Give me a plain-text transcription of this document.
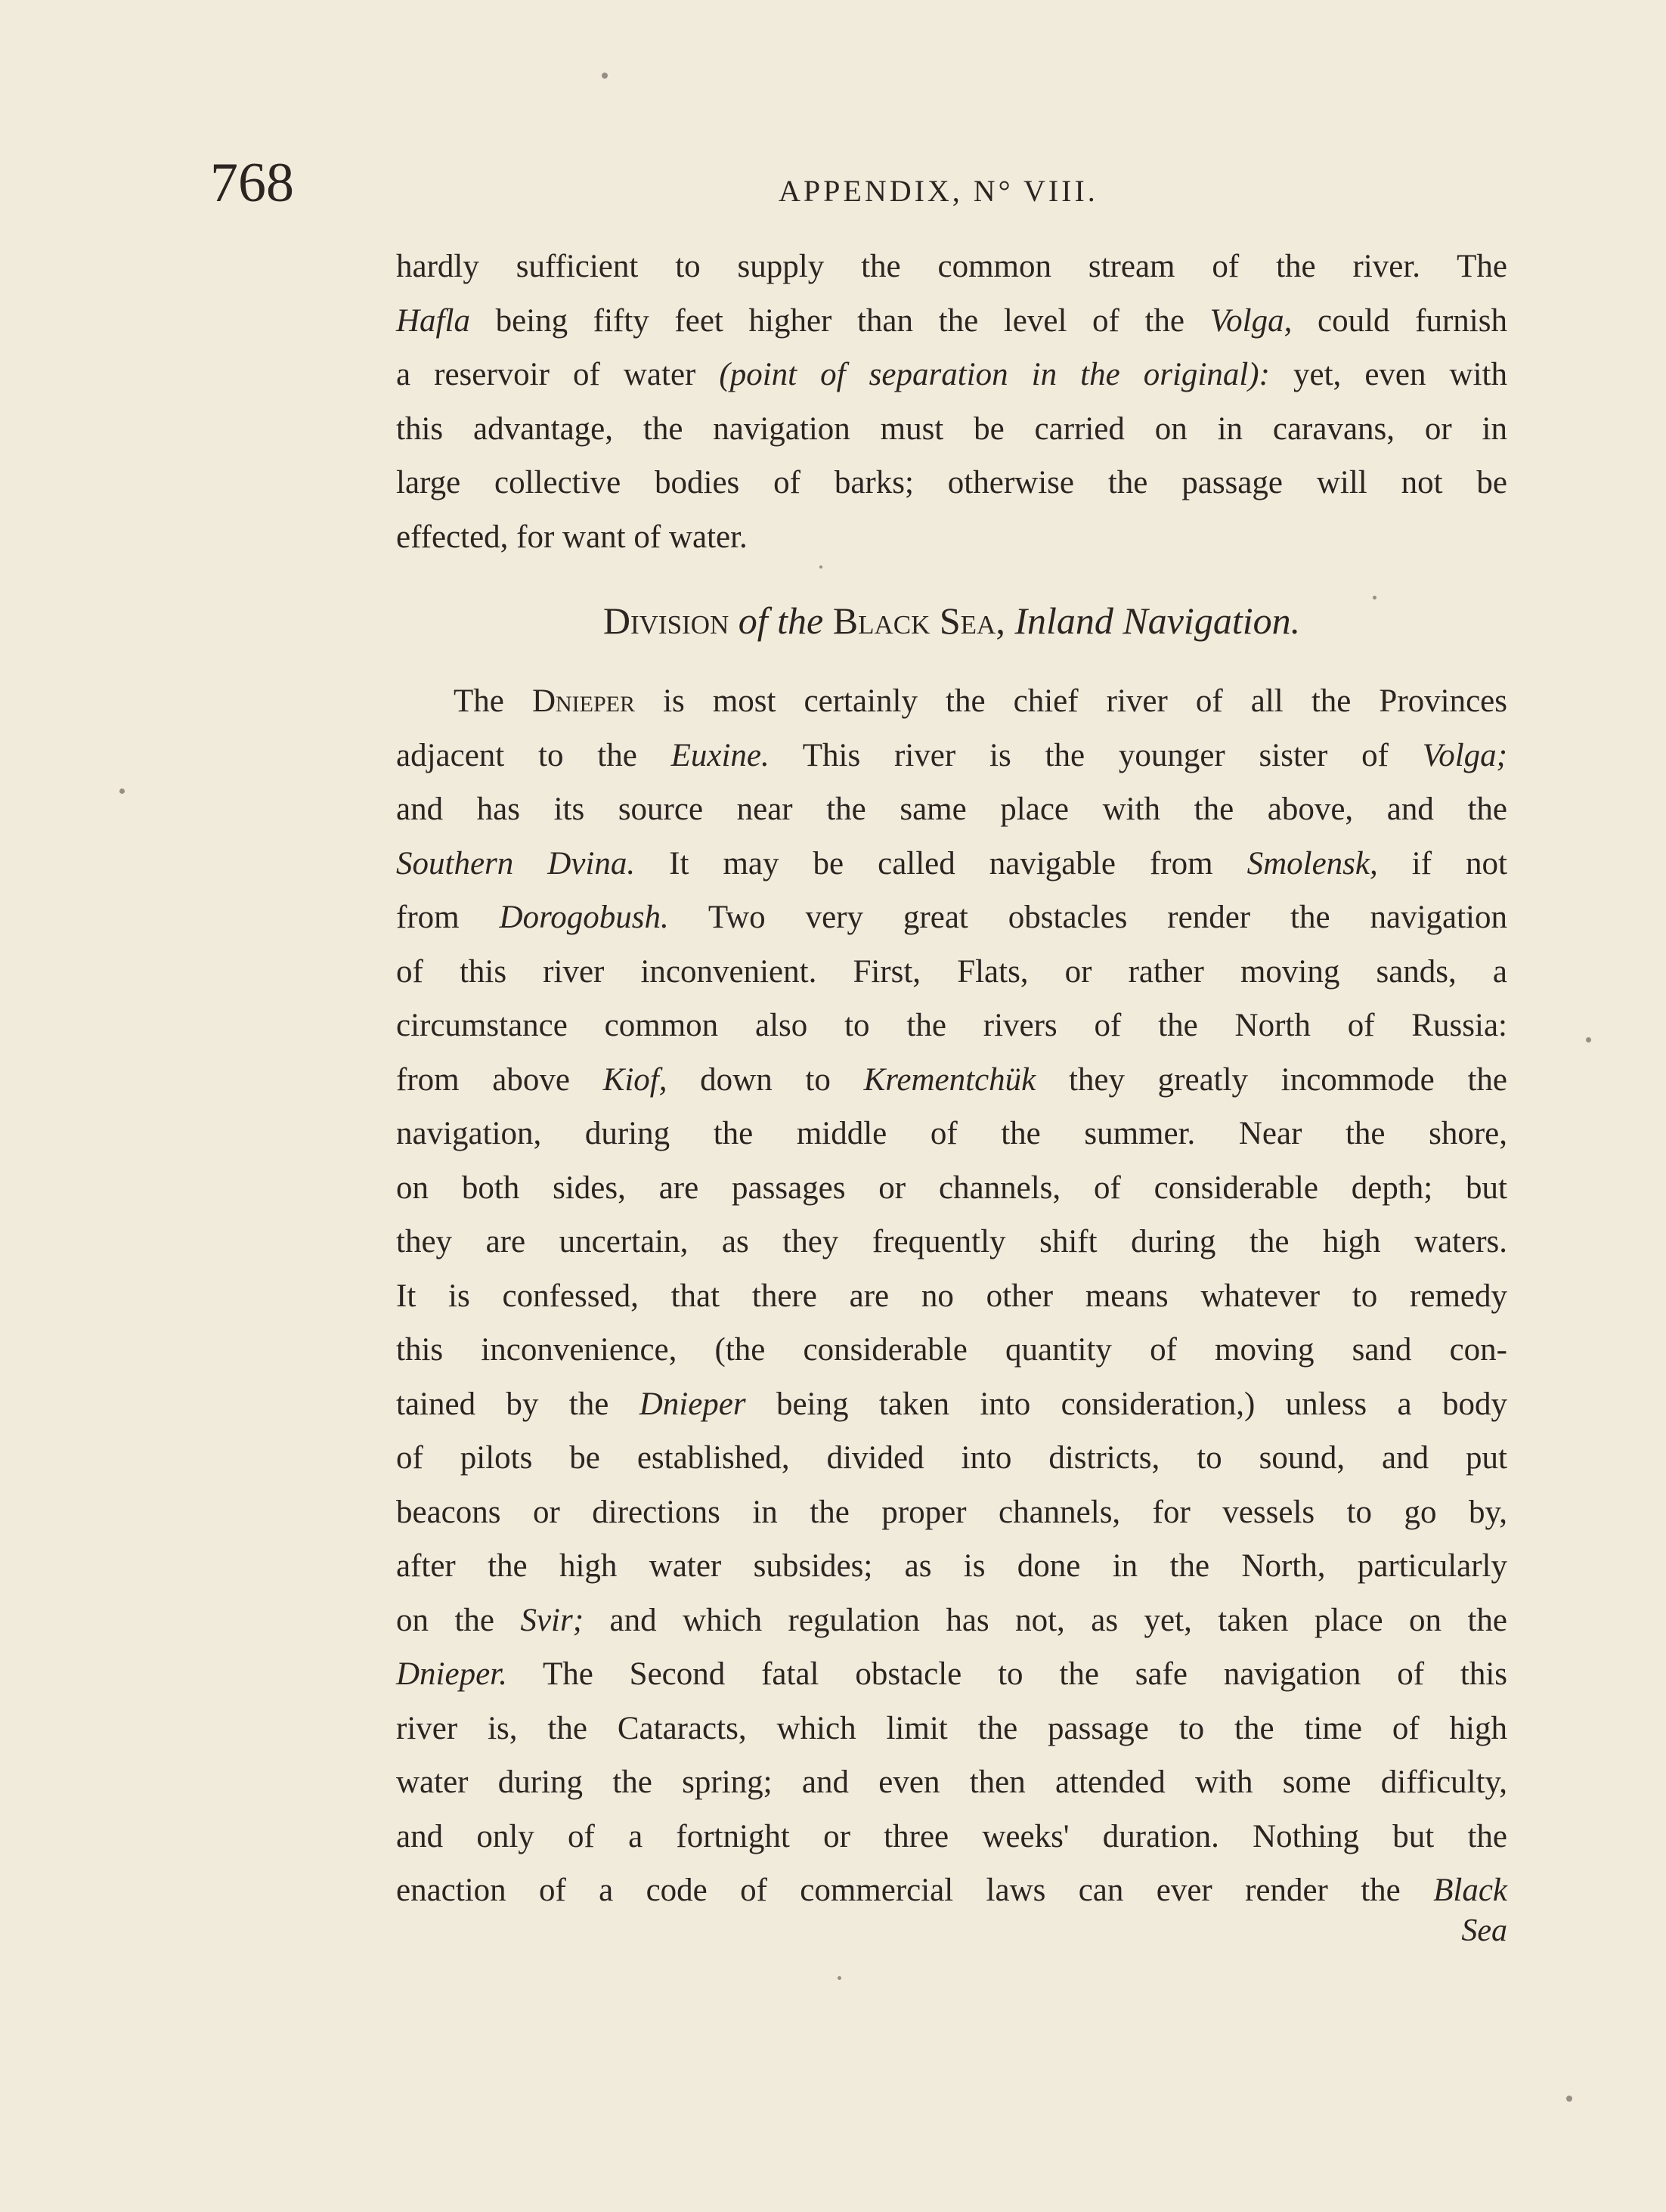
768	APPENDIX, N° VIII.
hardly sufficient to supply the common stream of the river. The
Hafla being fifty feet higher than the level of the Volga, could furnish
a reservoir of water (point of separation in the original): yet, even with
this advantage, the navigation must be carried on in caravans, or in
large collective bodies of barks; otherwise the passage will not be
effected, for want of water.
Division of the Black Sea, Inland Navigation.
The Dnieper is most certainly the chief river of all the Provinces
adjacent to the Euxine. This river is the younger sister of Volga;
and has its source near the same place with the above, and the
Southern Dvina. It may be called navigable from Smolensk, if not
from Dorogobush. Two very great obstacles render the navigation
of this river inconvenient. First, Flats, or rather moving sands, a
circumstance common also to the rivers of the North of Russia:
from above Kiof, down to Krementchük they greatly incommode the
navigation, during the middle of the summer. Near the shore,
on both sides, are passages or channels, of considerable depth; but
they are uncertain, as they frequently shift during the high waters.
It is confessed, that there are no other means whatever to remedy
this inconvenience, (the considerable quantity of moving sand con-
tained by the Dnieper being taken into consideration,) unless a body
of pilots be established, divided into districts, to sound, and put
beacons or directions in the proper channels, for vessels to go by,
after the high water subsides; as is done in the North, particularly
on the Svir; and which regulation has not, as yet, taken place on the
Dnieper. The Second fatal obstacle to the safe navigation of this
river is, the Cataracts, which limit the passage to the time of high
water during the spring; and even then attended with some difficulty,
and only of a fortnight or three weeks' duration. Nothing but the
enaction of a code of commercial laws can ever render the Black
Sea
